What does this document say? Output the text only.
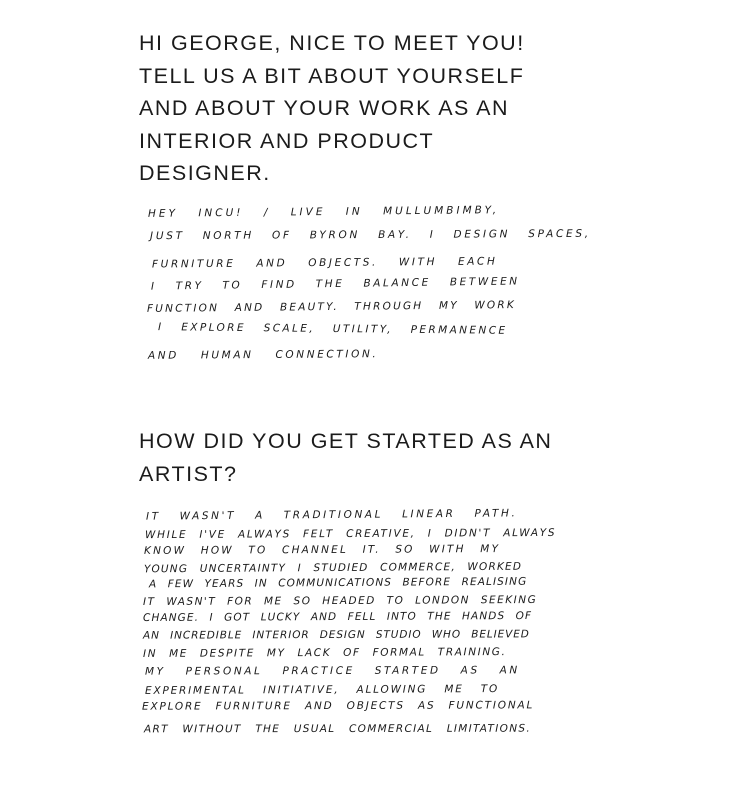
HI GEORGE, NICE TO MEET YOU!
TELL US A BIT ABOUT YOURSELF
AND ABOUT YOUR WORK AS AN
INTERIOR AND PRODUCT
DESIGNER.
HEY INCU! / LIVE IN MULLUMBIMBY,
JUST NORTH OF BYRON BAY. I DESIGN SPACES,
FURNITURE AND OBJECTS. WITH EACH
I TRY TO FIND THE BALANCE BETWEEN
FUNCTION AND BEAUTY. THROUGH MY WORK
I EXPLORE SCALE, UTILITY, PERMANENCE
AND HUMAN CONNECTION.
HOW DID YOU GET STARTED AS AN
ARTIST?
IT WASN'T A TRADITIONAL LINEAR PATH.
WHILE I'VE ALWAYS FELT CREATIVE, I DIDN'T ALWAYS
KNOW HOW TO CHANNEL IT. SO WITH MY
YOUNG UNCERTAINTY I STUDIED COMMERCE, WORKED
A FEW YEARS IN COMMUNICATIONS BEFORE REALISING
IT WASN'T FOR ME SO HEADED TO LONDON SEEKING
CHANGE. I GOT LUCKY AND FELL INTO THE HANDS OF
AN INCREDIBLE INTERIOR DESIGN STUDIO WHO BELIEVED
IN ME DESPITE MY LACK OF FORMAL TRAINING.
MY PERSONAL PRACTICE STARTED AS AN
EXPERIMENTAL INITIATIVE, ALLOWING ME TO
EXPLORE FURNITURE AND OBJECTS AS FUNCTIONAL
ART WITHOUT THE USUAL COMMERCIAL LIMITATIONS.
